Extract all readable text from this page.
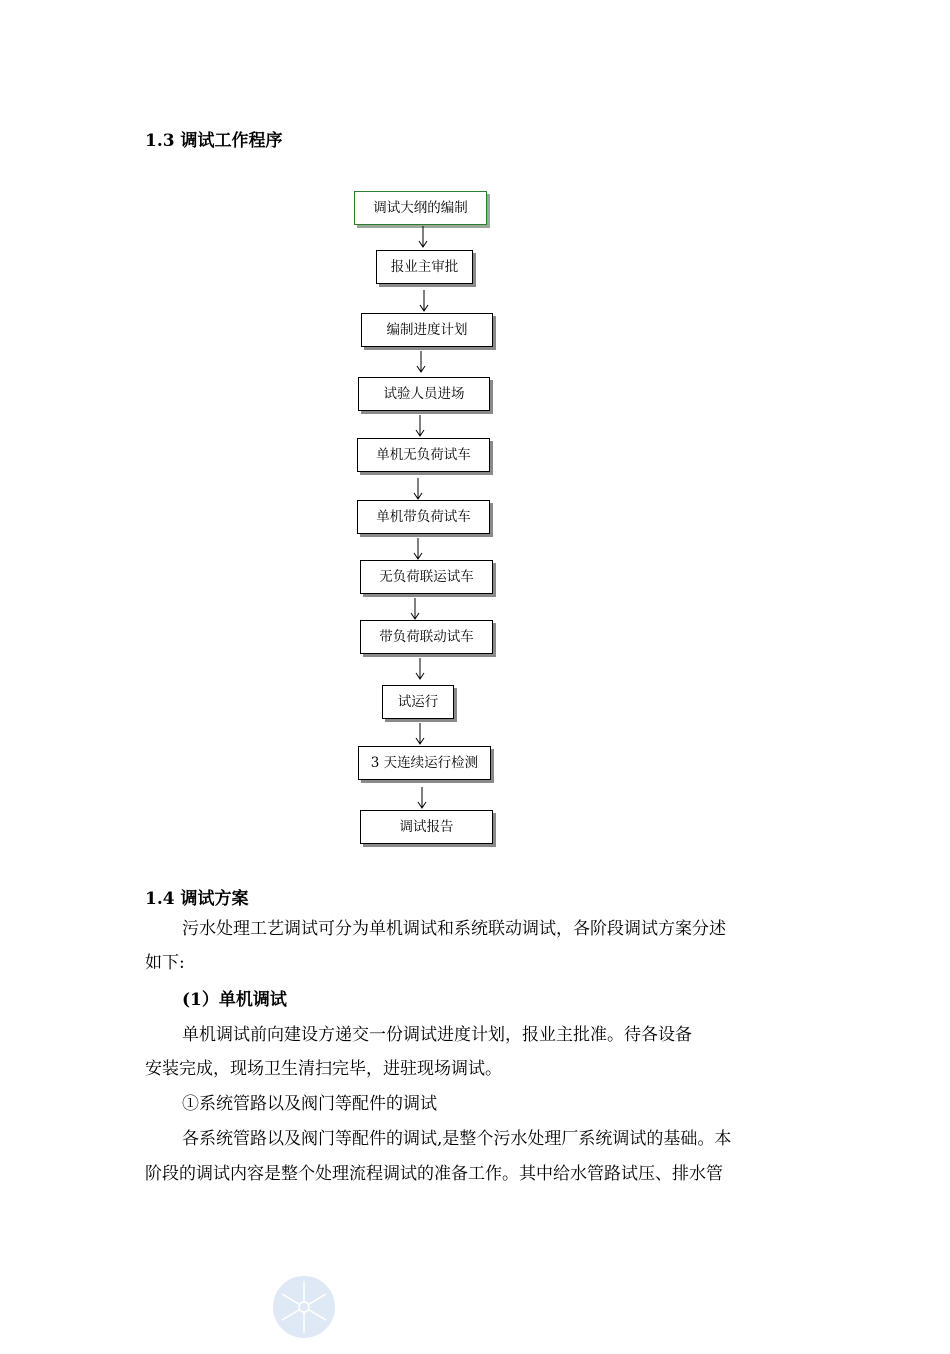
1.3 调试工作程序
调试大纲的编制
报业主审批
编制进度计划
试验人员进场
单机无负荷试车
单机带负荷试车
无负荷联运试车
带负荷联动试车
试运行
3 天连续运行检测
调试报告
1.4 调试方案
污水处理工艺调试可分为单机调试和系统联动调试，各阶段调试方案分述
如下:
(1）单机调试
单机调试前向建设方递交一份调试进度计划，报业主批准。待各设备
安装完成，现场卫生清扫完毕，进驻现场调试。
①系统管路以及阀门等配件的调试
各系统管路以及阀门等配件的调试,是整个污水处理厂系统调试的基础。本
阶段的调试内容是整个处理流程调试的准备工作。其中给水管路试压、排水管
